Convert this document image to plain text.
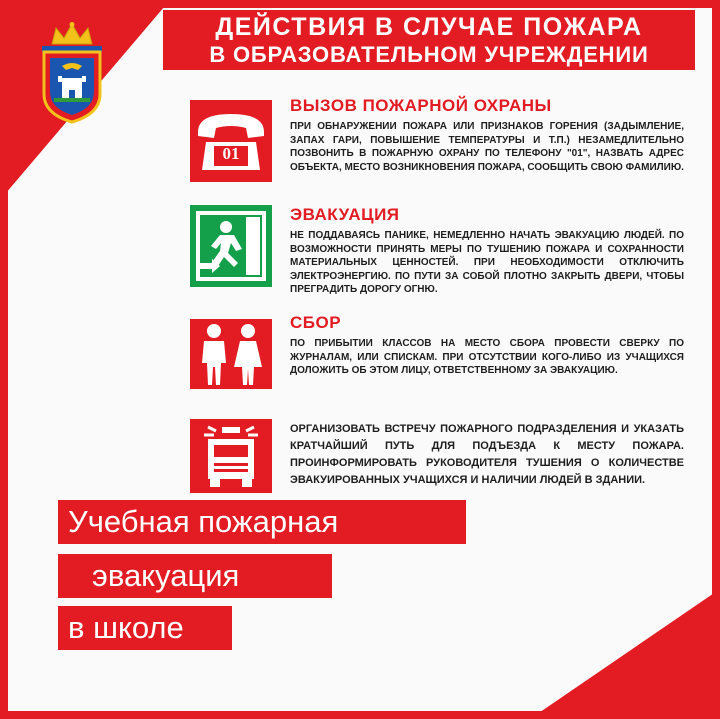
ДЕЙСТВИЯ В СЛУЧАЕ ПОЖАРА
В ОБРАЗОВАТЕЛЬНОМ УЧРЕЖДЕНИИ
01
ВЫЗОВ ПОЖАРНОЙ ОХРАНЫ

ПРИ ОБНАРУЖЕНИИ ПОЖАРА ИЛИ ПРИЗНАКОВ ГОРЕНИЯ (ЗАДЫМЛЕНИЕ, ЗАПАХ ГАРИ, ПОВЫШЕНИЕ ТЕМПЕРАТУРЫ И Т.П.) НЕЗАМЕДЛИТЕЛЬНО ПОЗВОНИТЬ В ПОЖАРНУЮ ОХРАНУ ПО ТЕЛЕФОНУ "01", НАЗВАТЬ АДРЕС ОБЪЕКТА, МЕСТО ВОЗНИКНОВЕНИЯ ПОЖАРА, СООБЩИТЬ СВОЮ ФАМИЛИЮ.

ЭВАКУАЦИЯ

НЕ ПОДДАВАЯСЬ ПАНИКЕ, НЕМЕДЛЕННО НАЧАТЬ ЭВАКУАЦИЮ ЛЮДЕЙ. ПО ВОЗМОЖНОСТИ ПРИНЯТЬ МЕРЫ ПО ТУШЕНИЮ ПОЖАРА И СОХРАННОСТИ МАТЕРИАЛЬНЫХ ЦЕННОСТЕЙ. ПРИ НЕОБХОДИМОСТИ ОТКЛЮЧИТЬ ЭЛЕКТРОЭНЕРГИЮ. ПО ПУТИ ЗА СОБОЙ ПЛОТНО ЗАКРЫТЬ ДВЕРИ, ЧТОБЫ ПРЕГРАДИТЬ ДОРОГУ ОГНЮ.

СБОР

ПО ПРИБЫТИИ КЛАССОВ НА МЕСТО СБОРА ПРОВЕСТИ СВЕРКУ ПО ЖУРНАЛАМ, ИЛИ СПИСКАМ. ПРИ ОТСУТСТВИИ КОГО-ЛИБО ИЗ УЧАЩИХСЯ ДОЛОЖИТЬ ОБ ЭТОМ ЛИЦУ, ОТВЕТСТВЕННОМУ ЗА ЭВАКУАЦИЮ.

ОРГАНИЗОВАТЬ ВСТРЕЧУ ПОЖАРНОГО ПОДРАЗДЕЛЕНИЯ И УКАЗАТЬ КРАТЧАЙШИЙ ПУТЬ ДЛЯ ПОДЪЕЗДА К МЕСТУ ПОЖАРА. ПРОИНФОРМИРОВАТЬ РУКОВОДИТЕЛЯ ТУШЕНИЯ О КОЛИЧЕСТВЕ ЭВАКУИРОВАННЫХ УЧАЩИХСЯ И НАЛИЧИИ ЛЮДЕЙ В ЗДАНИИ.

Учебная пожарная
эвакуация
в школе
